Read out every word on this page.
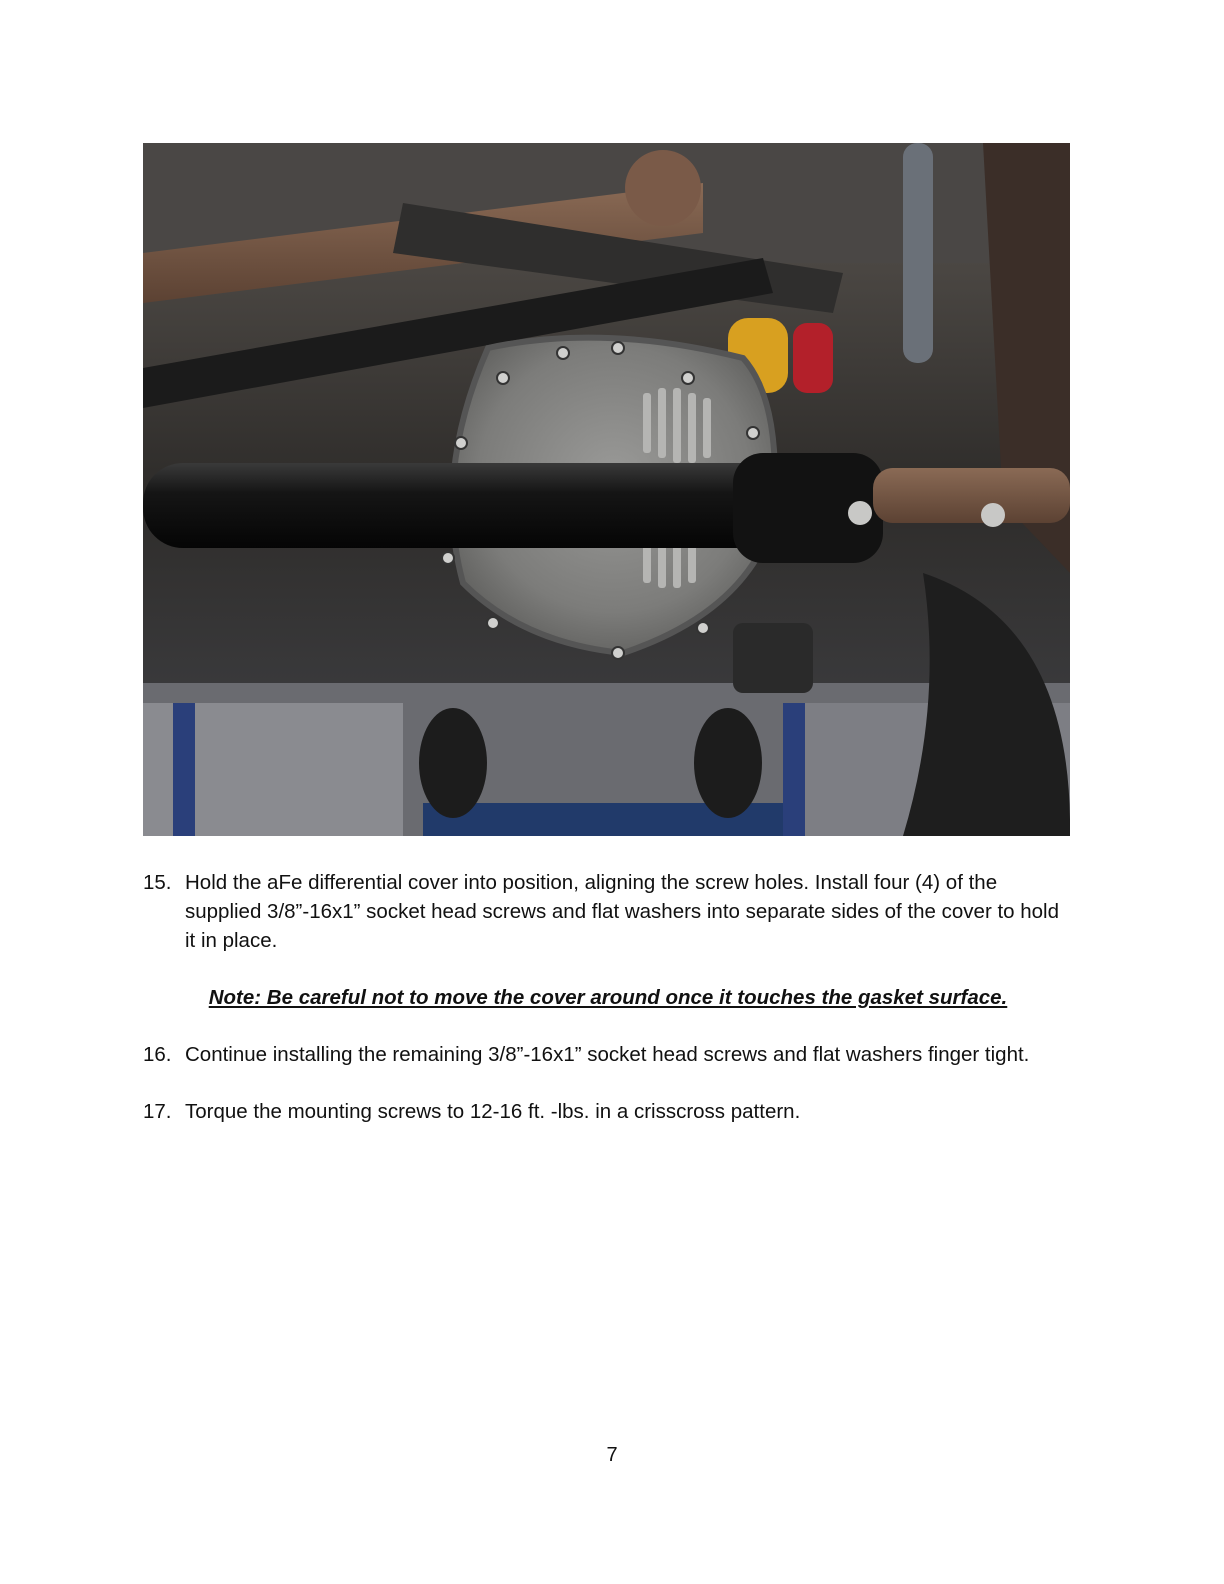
15. Hold the aFe differential cover into position, aligning the screw holes. Install four (4) of the supplied 3/8”-16x1” socket head screws and flat washers into separate sides of the cover to hold it in place.

Note: Be careful not to move the cover around once it touches the gasket surface.

16. Continue installing the remaining 3/8”-16x1” socket head screws and flat washers finger tight.
17. Torque the mounting screws to 12-16 ft. -lbs. in a crisscross pattern.
7
